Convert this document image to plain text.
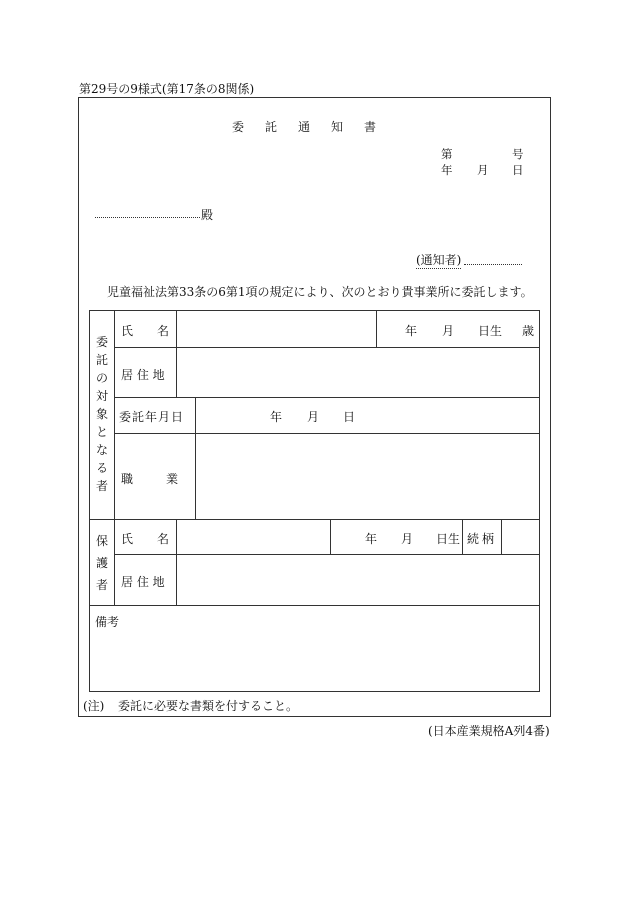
第29号の9様式(第17条の8関係)
委託通知書
第	号
年 月 日
殿
(通知者)
児童福祉法第33条の6第1項の規定により、次のとおり貴事業所に委託します。
委
託
の
対
象
と
な
る
者
氏　　名	年 月 日生 歳
居 住 地
委託年月日	年 月 日
職　　業
保
護
者
氏　　名	年 月 日生 続柄
居 住 地
備考
(注) 委託に必要な書類を付すること。
(日本産業規格A列4番)
